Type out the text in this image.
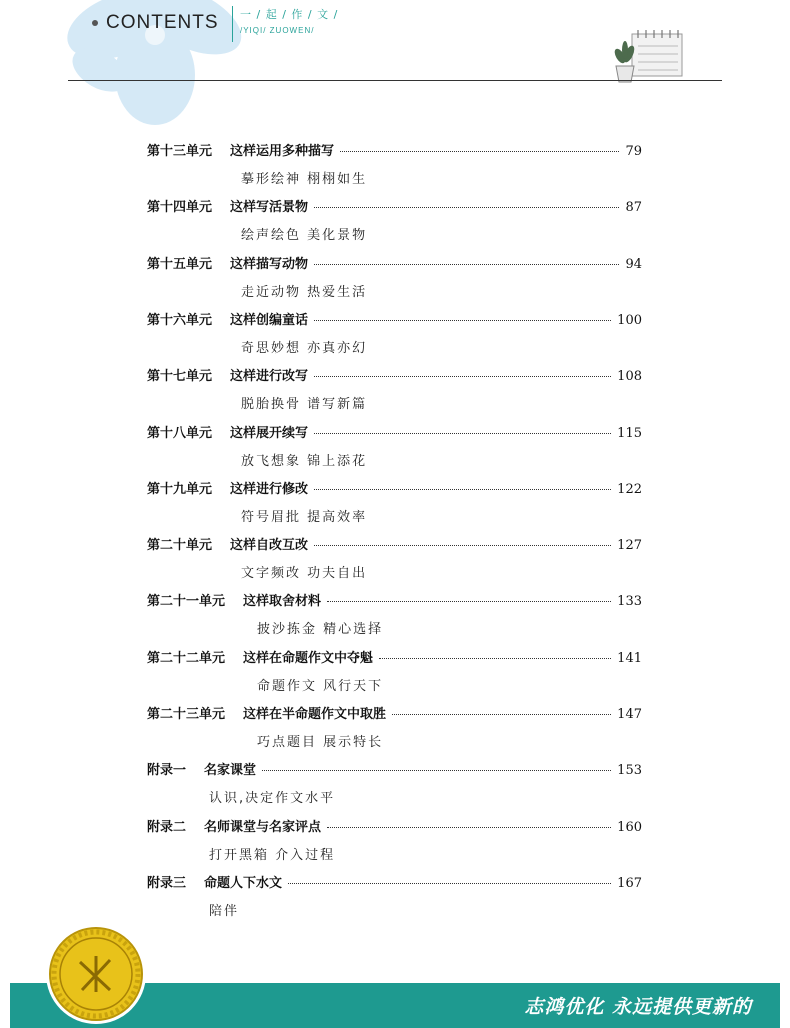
CONTENTS 一 / 起 / 作 / 文 /
/YIQI/ ZUOWEN/
第十三单元 这样运用多种描写	79
摹形绘神 栩栩如生
第十四单元 这样写活景物	87
绘声绘色 美化景物
第十五单元 这样描写动物	94
走近动物 热爱生活
第十六单元 这样创编童话	100
奇思妙想 亦真亦幻
第十七单元 这样进行改写	108
脱胎换骨 谱写新篇
第十八单元 这样展开续写	115
放飞想象 锦上添花
第十九单元 这样进行修改	122
符号眉批 提高效率
第二十单元 这样自改互改	127
文字频改 功夫自出
第二十一单元 这样取舍材料	133
披沙拣金 精心选择
第二十二单元 这样在命题作文中夺魁	141
命题作文 风行天下
第二十三单元 这样在半命题作文中取胜	147
巧点题目 展示特长
附录一 名家课堂	153
认识,决定作文水平
附录二 名师课堂与名家评点	160
打开黑箱 介入过程
附录三 命题人下水文	167
陪伴
志鸿优化 永远提供更新的
